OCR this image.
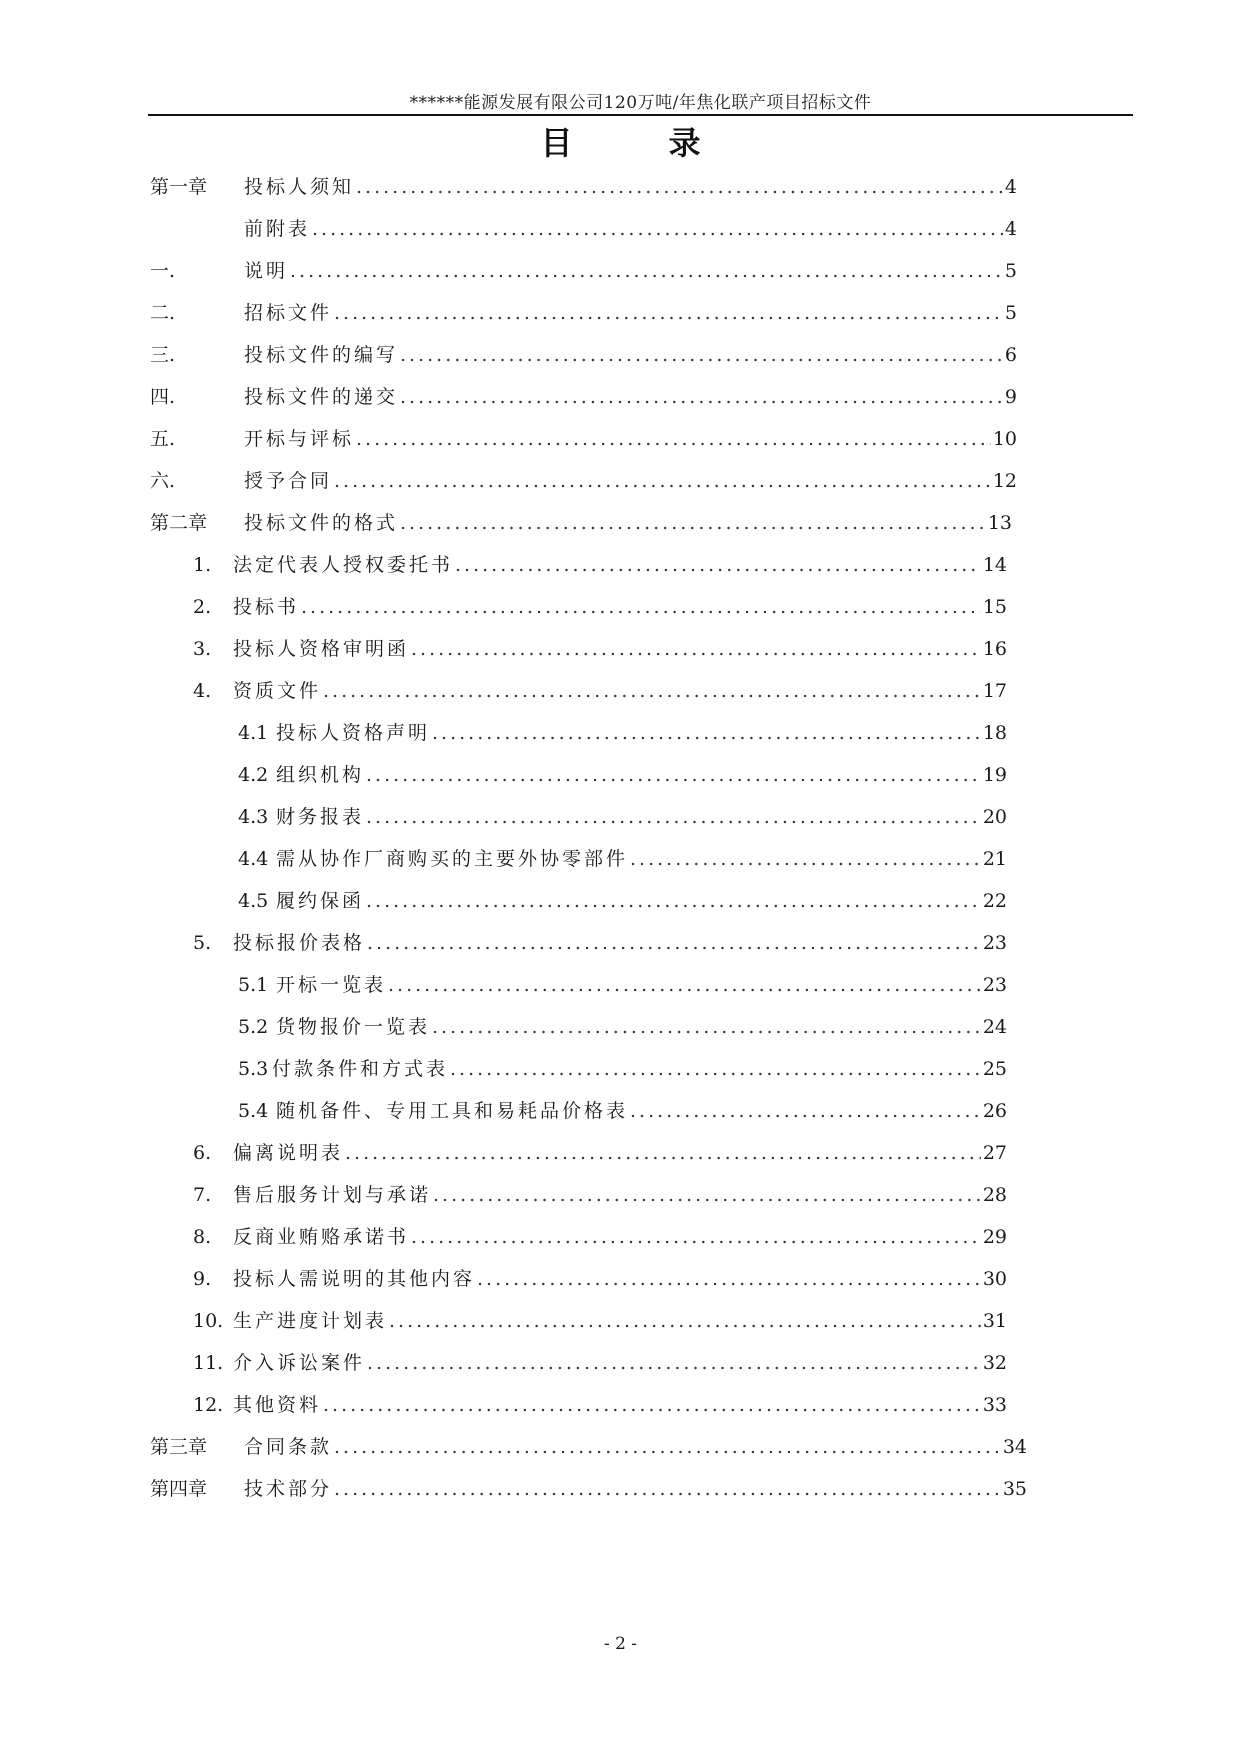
******能源发展有限公司120万吨/年焦化联产项目招标文件
目　　　录
第一章	投标人须知 .....	4
前附表 .....	4
一.	说明 .....	5
二.	招标文件 .....	5
三.	投标文件的编写 .....	6
四.	投标文件的递交 .....	9
五.	开标与评标 .....	10
六.	授予合同 .....	12
第二章	投标文件的格式 .....	13
1.	法定代表人授权委托书 .....	14
2.	投标书 .....	15
3.	投标人资格审明函 .....	16
4.	资质文件 .....	17
4.1 投标人资格声明 .....	18
4.2 组织机构 .....	19
4.3 财务报表 .....	20
4.4 需从协作厂商购买的主要外协零部件 .....	21
4.5 履约保函 .....	22
5.	投标报价表格 .....	23
5.1 开标一览表 .....	23
5.2 货物报价一览表 .....	24
5.3 付款条件和方式表 .....	25
5.4 随机备件、专用工具和易耗品价格表 .....	26
6.	偏离说明表 .....	27
7.	售后服务计划与承诺 .....	28
8.	反商业贿赂承诺书 .....	29
9.	投标人需说明的其他内容 .....	30
10. 生产进度计划表 .....	31
11. 介入诉讼案件 .....	32
12. 其他资料 .....	33
第三章	合同条款 .....	34
第四章	技术部分 .....	35
- 2 -
